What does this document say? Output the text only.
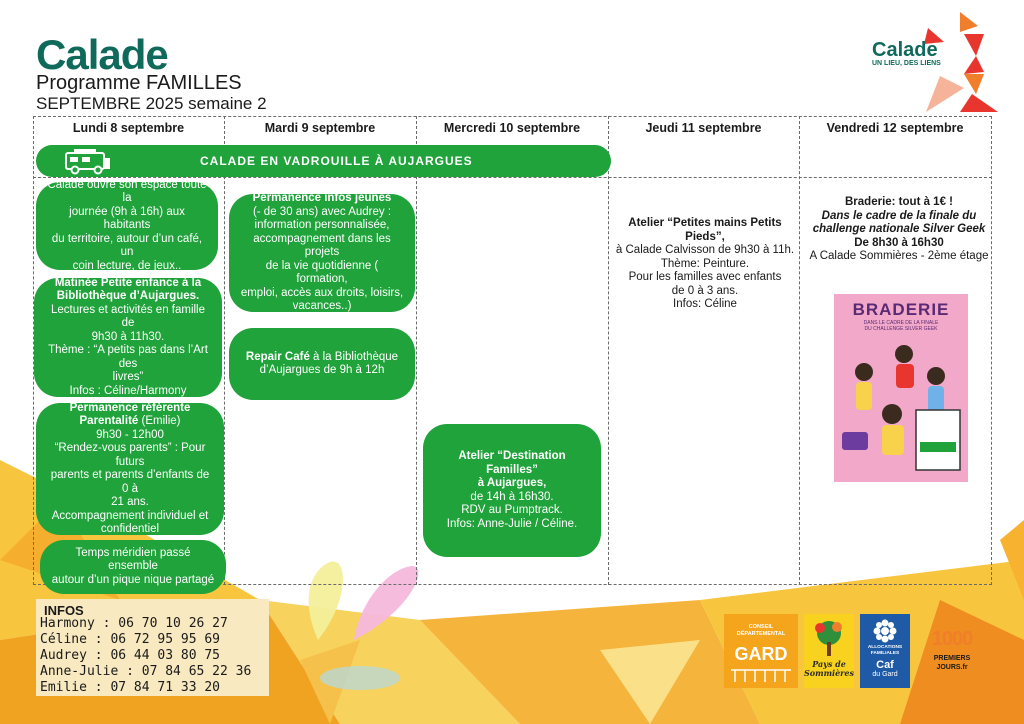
Calade
Programme FAMILLES
SEPTEMBRE 2025 semaine 2
Calade
UN LIEU, DES LIENS
Lundi 8 septembre	Mardi 9 septembre	Mercredi 10 septembre	Jeudi 11 septembre	Vendredi 12 septembre
CALADE EN VADROUILLE À AUJARGUES
Calade ouvre son espace toute la
journée (9h à 16h) aux habitants
du territoire, autour d’un café, un
coin lecture, de jeux..
Matinée Petite enfance à la
Bibliothèque d’Aujargues.
Lectures et activités en famille de
9h30 à 11h30.
Thème : “A petits pas dans l’Art des
livres”
Infos : Céline/Harmony
Permanence référente
Parentalité (Emilie)
9h30 - 12h00
“Rendez-vous parents” : Pour futurs
parents et parents d’enfants de 0 à
21 ans.
Accompagnement individuel et
confidentiel
Temps méridien passé ensemble
autour d’un pique nique partagé
Permanence infos jeunes
(- de 30 ans) avec Audrey :
information personnalisée,
accompagnement dans les projets
de la vie quotidienne ( formation,
emploi, accès aux droits, loisirs,
vacances..)
Repair Café à la Bibliothèque
d’Aujargues de 9h à 12h
Atelier “Destination Familles”
à Aujargues,
de 14h à 16h30.
RDV au Pumptrack.
Infos: Anne-Julie / Céline.
Atelier “Petites mains Petits
Pieds”,
à Calade Calvisson de 9h30 à 11h.
Thème: Peinture.
Pour les familles avec enfants
de 0 à 3 ans.
Infos: Céline
Braderie: tout à 1€ !
Dans le cadre de la finale du
challenge nationale Silver Geek
De 8h30 à 16h30
A Calade Sommières - 2ème étage
BRADERIE
DANS LE CADRE DE LA FINALE
DU CHALLENGE SILVER GEEK
INFOS
Harmony : 06 70 10 26 27
Céline : 06 72 95 95 69
Audrey : 06 44 03 80 75
Anne-Julie : 07 84 65 22 36
Emilie : 07 84 71 33 20
CONSEIL
DÉPARTEMENTAL
GARD	Pays de
Sommières
ALLOCATIONS
FAMILIALES
Caf
du Gard
1000
PREMIERS
JOURS.fr
